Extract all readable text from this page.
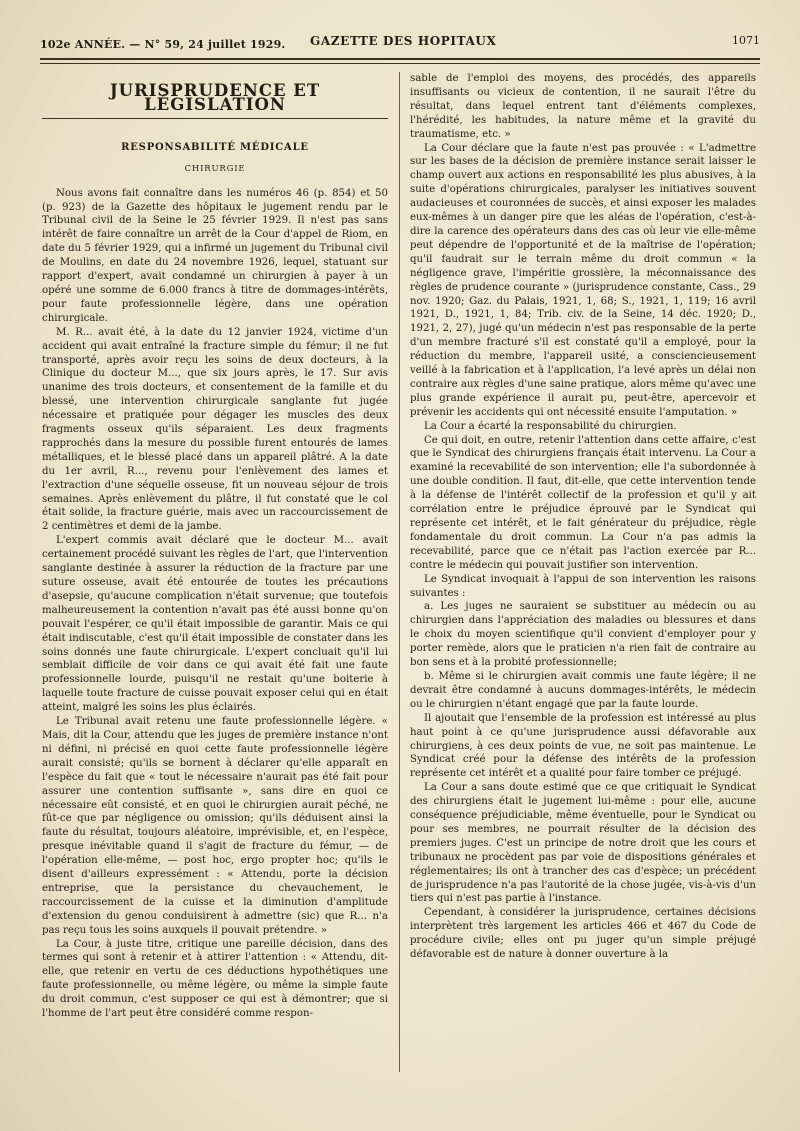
102e ANNÉE. — N° 59, 24 juillet 1929. GAZETTE DES HOPITAUX	1071
JURISPRUDENCE ET LÉGISLATION
RESPONSABILITÉ MÉDICALE
CHIRURGIE

Nous avons fait connaître dans les numéros 46 (p. 854) et 50 (p. 923) de la Gazette des hôpitaux le jugement rendu par le Tribunal civil de la Seine le 25 février 1929. Il n'est pas sans intérêt de faire connaître un arrêt de la Cour d'appel de Riom, en date du 5 février 1929, qui a infirmé un jugement du Tribunal civil de Moulins, en date du 24 novembre 1926, lequel, statuant sur rapport d'expert, avait condamné un chirurgien à payer à un opéré une somme de 6.000 francs à titre de dommages-intérêts, pour faute professionnelle légère, dans une opération chirurgicale.

M. R... avait été, à la date du 12 janvier 1924, victime d'un accident qui avait entraîné la fracture simple du fémur; il ne fut transporté, après avoir reçu les soins de deux docteurs, à la Clinique du docteur M..., que six jours après, le 17. Sur avis unanime des trois docteurs, et consentement de la famille et du blessé, une intervention chirurgicale sanglante fut jugée nécessaire et pratiquée pour dégager les muscles des deux fragments osseux qu'ils séparaient. Les deux fragments rapprochés dans la mesure du possible furent entourés de lames métalliques, et le blessé placé dans un appareil plâtré. A la date du 1er avril, R..., revenu pour l'enlèvement des lames et l'extraction d'une séquelle osseuse, fit un nouveau séjour de trois semaines. Après enlèvement du plâtre, il fut constaté que le col était solide, la fracture guérie, mais avec un raccourcissement de 2 centimètres et demi de la jambe.

L'expert commis avait déclaré que le docteur M... avait certainement procédé suivant les règles de l'art, que l'intervention sanglante destinée à assurer la réduction de la fracture par une suture osseuse, avait été entourée de toutes les précautions d'asepsie, qu'aucune complication n'était survenue; que toutefois malheureusement la contention n'avait pas été aussi bonne qu'on pouvait l'espérer, ce qu'il était impossible de garantir. Mais ce qui était indiscutable, c'est qu'il était impossible de constater dans les soins donnés une faute chirurgicale. L'expert concluait qu'il lui semblait difficile de voir dans ce qui avait été fait une faute professionnelle lourde, puisqu'il ne restait qu'une boiterie à laquelle toute fracture de cuisse pouvait exposer celui qui en était atteint, malgré les soins les plus éclairés.

Le Tribunal avait retenu une faute professionnelle légère. « Mais, dit la Cour, attendu que les juges de première instance n'ont ni défini, ni précisé en quoi cette faute professionnelle légère aurait consisté; qu'ils se bornent à déclarer qu'elle apparaît en l'espèce du fait que « tout le nécessaire n'aurait pas été fait pour assurer une contention suffisante », sans dire en quoi ce nécessaire eût consisté, et en quoi le chirurgien aurait péché, ne fût-ce que par négligence ou omission; qu'ils déduisent ainsi la faute du résultat, toujours aléatoire, imprévisible, et, en l'espèce, presque inévitable quand il s'agit de fracture du fémur, — de l'opération elle-même, — post hoc, ergo propter hoc; qu'ils le disent d'ailleurs expressément : « Attendu, porte la décision entreprise, que la persistance du chevauchement, le raccourcissement de la cuisse et la diminution d'amplitude d'extension du genou conduisirent à admettre (sic) que R... n'a pas reçu tous les soins auxquels il pouvait prétendre. »

La Cour, à juste titre, critique une pareille décision, dans des termes qui sont à retenir et à attirer l'attention : « Attendu, dit-elle, que retenir en vertu de ces déductions hypothétiques une faute professionnelle, ou même légère, ou même la simple faute du droit commun, c'est supposer ce qui est à démontrer; que si l'homme de l'art peut être considéré comme respon-

sable de l'emploi des moyens, des procédés, des appareils insuffisants ou vicieux de contention, il ne saurait l'être du résultat, dans lequel entrent tant d'éléments complexes, l'hérédité, les habitudes, la nature même et la gravité du traumatisme, etc. »

La Cour déclare que la faute n'est pas prouvée : « L'admettre sur les bases de la décision de première instance serait laisser le champ ouvert aux actions en responsabilité les plus abusives, à la suite d'opérations chirurgicales, paralyser les initiatives souvent audacieuses et couronnées de succès, et ainsi exposer les malades eux-mêmes à un danger pire que les aléas de l'opération, c'est-à-dire la carence des opérateurs dans des cas où leur vie elle-même peut dépendre de l'opportunité et de la maîtrise de l'opération; qu'il faudrait sur le terrain même du droit commun « la négligence grave, l'impéritie grossière, la méconnaissance des règles de prudence courante » (jurisprudence constante, Cass., 29 nov. 1920; Gaz. du Palais, 1921, 1, 68; S., 1921, 1, 119; 16 avril 1921, D., 1921, 1, 84; Trib. civ. de la Seine, 14 déc. 1920; D., 1921, 2, 27), jugé qu'un médecin n'est pas responsable de la perte d'un membre fracturé s'il est constaté qu'il a employé, pour la réduction du membre, l'appareil usité, a consciencieusement veillé à la fabrication et à l'application, l'a levé après un délai non contraire aux règles d'une saine pratique, alors même qu'avec une plus grande expérience il aurait pu, peut-être, apercevoir et prévenir les accidents qui ont nécessité ensuite l'amputation. »

La Cour a écarté la responsabilité du chirurgien.

Ce qui doit, en outre, retenir l'attention dans cette affaire, c'est que le Syndicat des chirurgiens français était intervenu. La Cour a examiné la recevabilité de son intervention; elle l'a subordonnée à une double condition. Il faut, dit-elle, que cette intervention tende à la défense de l'intérêt collectif de la profession et qu'il y ait corrélation entre le préjudice éprouvé par le Syndicat qui représente cet intérêt, et le fait générateur du préjudice, règle fondamentale du droit commun. La Cour n'a pas admis la recevabilité, parce que ce n'était pas l'action exercée par R... contre le médecin qui pouvait justifier son intervention.

Le Syndicat invoquait à l'appui de son intervention les raisons suivantes :

a. Les juges ne sauraient se substituer au médecin ou au chirurgien dans l'appréciation des maladies ou blessures et dans le choix du moyen scientifique qu'il convient d'employer pour y porter remède, alors que le praticien n'a rien fait de contraire au bon sens et à la probité professionnelle;

b. Même si le chirurgien avait commis une faute légère; il ne devrait être condamné à aucuns dommages-intérêts, le médecin ou le chirurgien n'étant engagé que par la faute lourde.

Il ajoutait que l'ensemble de la profession est intéressé au plus haut point à ce qu'une jurisprudence aussi défavorable aux chirurgiens, à ces deux points de vue, ne soit pas maintenue. Le Syndicat créé pour la défense des intérêts de la profession représente cet intérêt et a qualité pour faire tomber ce préjugé.

La Cour a sans doute estimé que ce que critiquait le Syndicat des chirurgiens était le jugement lui-même : pour elle, aucune conséquence préjudiciable, même éventuelle, pour le Syndicat ou pour ses membres, ne pourrait résulter de la décision des premiers juges. C'est un principe de notre droit que les cours et tribunaux ne procèdent pas par voie de dispositions générales et réglementaires; ils ont à trancher des cas d'espèce; un précédent de jurisprudence n'a pas l'autorité de la chose jugée, vis-à-vis d'un tiers qui n'est pas partie à l'instance.

Cependant, à considérer la jurisprudence, certaines décisions interprètent très largement les articles 466 et 467 du Code de procédure civile; elles ont pu juger qu'un simple préjugé défavorable est de nature à donner ouverture à la
